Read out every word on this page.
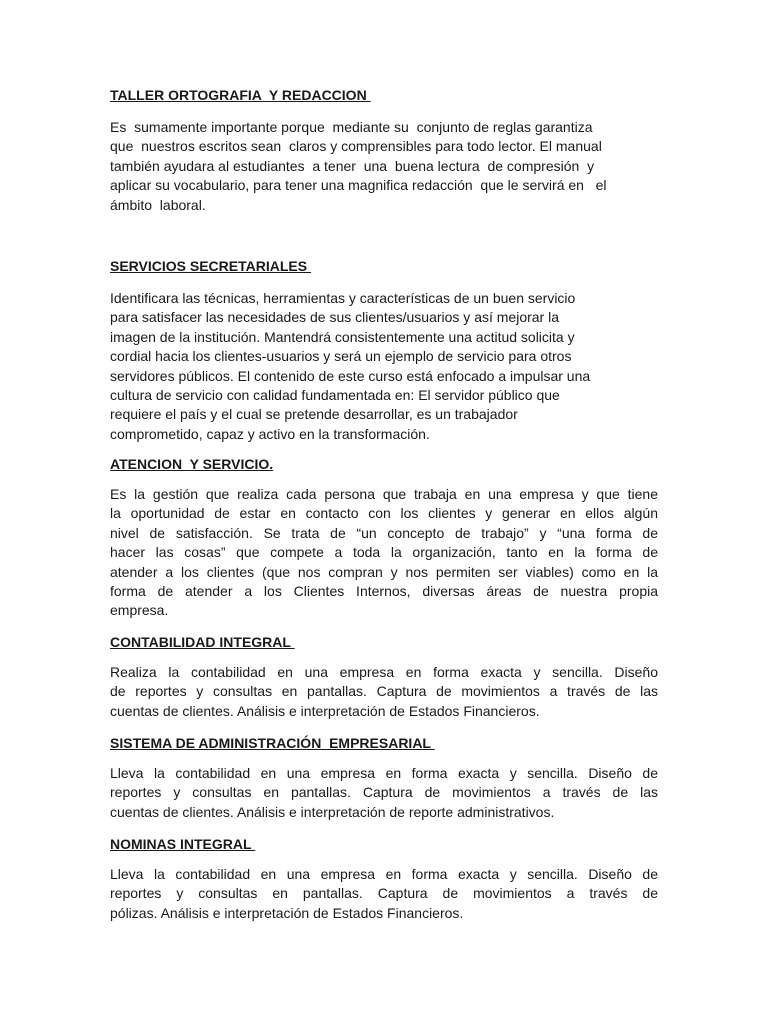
TALLER ORTOGRAFIA  Y REDACCION

Es  sumamente importante porque  mediante su  conjunto de reglas garantiza
que  nuestros escritos sean  claros y comprensibles para todo lector. El manual
también ayudara al estudiantes  a tener  una  buena lectura  de compresión  y
aplicar su vocabulario, para tener una magnifica redacción  que le servirá en   el
ámbito  laboral.

SERVICIOS SECRETARIALES

Identificara las técnicas, herramientas y características de un buen servicio
para satisfacer las necesidades de sus clientes/usuarios y así mejorar la
imagen de la institución. Mantendrá consistentemente una actitud solicita y
cordial hacia los clientes-usuarios y será un ejemplo de servicio para otros
servidores públicos. El contenido de este curso está enfocado a impulsar una
cultura de servicio con calidad fundamentada en: El servidor público que
requiere el país y el cual se pretende desarrollar, es un trabajador
comprometido, capaz y activo en la transformación.

ATENCION  Y SERVICIO.

Es la gestión que realiza cada persona que trabaja en una empresa y que tiene
la oportunidad de estar en contacto con los clientes y generar en ellos algún
nivel de satisfacción. Se trata de “un concepto de trabajo” y “una forma de
hacer las cosas” que compete a toda la organización, tanto en la forma de
atender a los clientes (que nos compran y nos permiten ser viables) como en la
forma de atender a los Clientes Internos, diversas áreas de nuestra propia
empresa.

CONTABILIDAD INTEGRAL

Realiza la contabilidad en una empresa en forma exacta y sencilla. Diseño
de reportes y consultas en pantallas. Captura de movimientos a través de las
cuentas de clientes. Análisis e interpretación de Estados Financieros.

SISTEMA DE ADMINISTRACIÓN  EMPRESARIAL

Lleva la contabilidad en una empresa en forma exacta y sencilla. Diseño de
reportes y consultas en pantallas. Captura de movimientos a través de las
cuentas de clientes. Análisis e interpretación de reporte administrativos.

NOMINAS INTEGRAL

Lleva la contabilidad en una empresa en forma exacta y sencilla. Diseño de
reportes y consultas en pantallas. Captura de movimientos a través de
pólizas. Análisis e interpretación de Estados Financieros.
